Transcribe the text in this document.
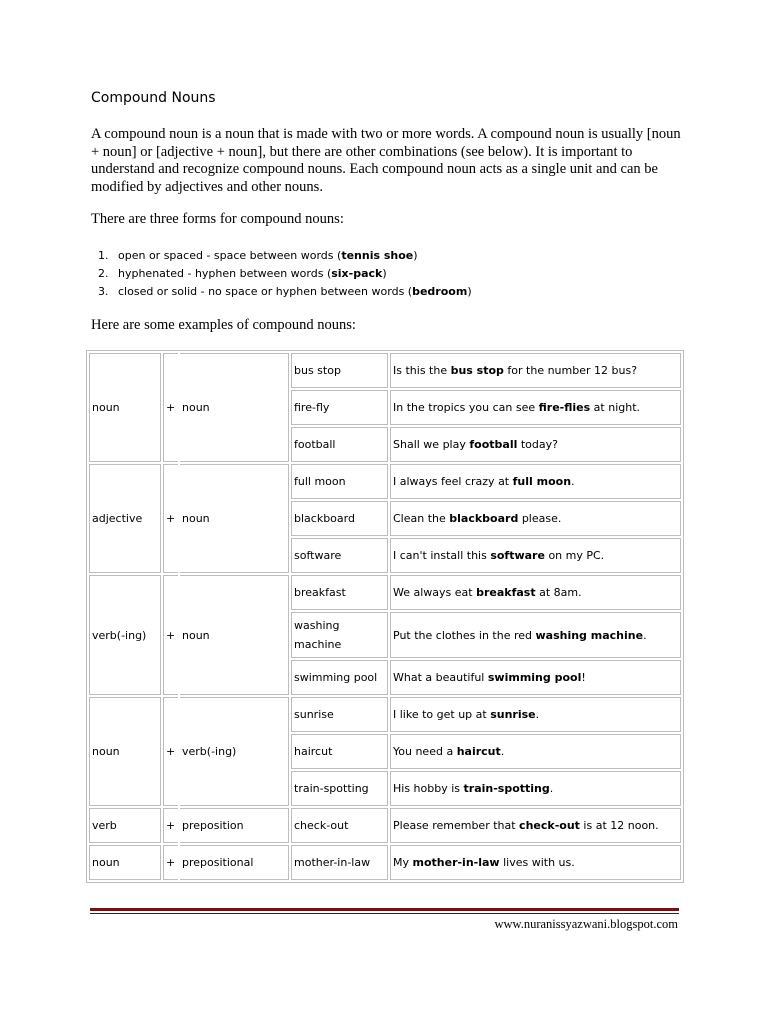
Compound Nouns
A compound noun is a noun that is made with two or more words. A compound noun is usually [noun + noun] or [adjective + noun], but there are other combinations (see below). It is important to understand and recognize compound nouns. Each compound noun acts as a single unit and can be modified by adjectives and other nouns.
There are three forms for compound nouns:
1. open or spaced - space between words (tennis shoe)
2. hyphenated - hyphen between words (six-pack)
3. closed or solid - no space or hyphen between words (bedroom)
Here are some examples of compound nouns:
noun	+	noun	bus stop	Is this the bus stop for the number 12 bus?
			fire-fly	In the tropics you can see fire-flies at night.
			football	Shall we play football today?
adjective	+	noun	full moon	I always feel crazy at full moon.
			blackboard	Clean the blackboard please.
			software	I can't install this software on my PC.
verb(-ing)	+	noun	breakfast	We always eat breakfast at 8am.
			washing machine	Put the clothes in the red washing machine.
			swimming pool	What a beautiful swimming pool!
noun	+	verb(-ing)	sunrise	I like to get up at sunrise.
			haircut	You need a haircut.
			train-spotting	His hobby is train-spotting.
verb	+	preposition	check-out	Please remember that check-out is at 12 noon.
noun	+	prepositional	mother-in-law	My mother-in-law lives with us.
www.nuranissyazwani.blogspot.com
